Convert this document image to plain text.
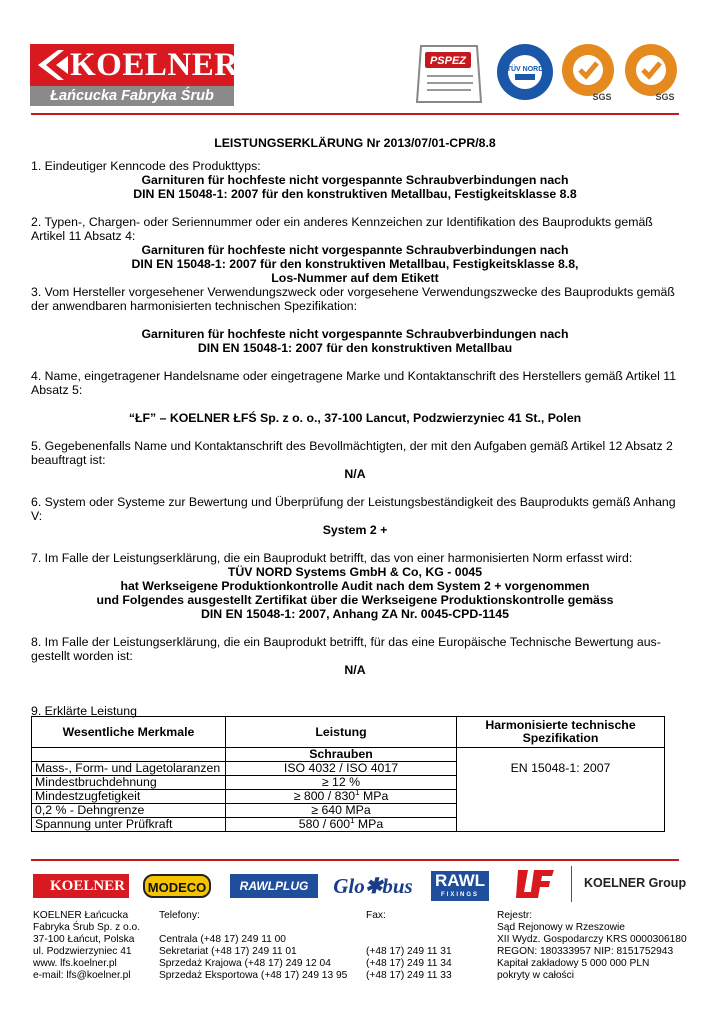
KOELNER
Łańcucka Fabryka Śrub
PSPEZ
TÜV NORD
SGS	SGS
LEISTUNGSERKLÄRUNG Nr 2013/07/01-CPR/8.8
1. Eindeutiger Kenncode des Produkttyps:
Garnituren für hochfeste nicht vorgespannte Schraubverbindungen nach
DIN EN 15048-1: 2007 für den konstruktiven Metallbau, Festigkeitsklasse 8.8
2. Typen-, Chargen- oder Seriennummer oder ein anderes Kennzeichen zur Identifikation des Bauprodukts gemäß
Artikel 11 Absatz 4:
Garnituren für hochfeste nicht vorgespannte Schraubverbindungen nach
DIN EN 15048-1: 2007 für den konstruktiven Metallbau, Festigkeitsklasse 8.8,
Los-Nummer auf dem Etikett
3. Vom Hersteller vorgesehener Verwendungszweck oder vorgesehene Verwendungszwecke des Bauprodukts gemäß
der anwendbaren harmonisierten technischen Spezifikation:
Garnituren für hochfeste nicht vorgespannte Schraubverbindungen nach
DIN EN 15048-1: 2007 für den konstruktiven Metallbau
4. Name, eingetragener Handelsname oder eingetragene Marke und Kontaktanschrift des Herstellers gemäß Artikel 11
Absatz 5:
“ŁF” – KOELNER ŁFŚ Sp. z o. o., 37-100 Lancut, Podzwierzyniec 41 St., Polen
5. Gegebenenfalls Name und Kontaktanschrift des Bevollmächtigten, der mit den Aufgaben gemäß Artikel 12 Absatz 2
beauftragt ist:
N/A
6. System oder Systeme zur Bewertung und Überprüfung der Leistungsbeständigkeit des Bauprodukts gemäß Anhang
V:
System 2 +
7. Im Falle der Leistungserklärung, die ein Bauprodukt betrifft, das von einer harmonisierten Norm erfasst wird:
TÜV NORD Systems GmbH & Co, KG - 0045
hat Werkseigene Produktionkontrolle Audit nach dem System 2 + vorgenommen
und Folgendes ausgestellt Zertifikat über die Werkseigene Produktionskontrolle gemäss
DIN EN 15048-1: 2007, Anhang ZA Nr. 0045-CPD-1145
8. Im Falle der Leistungserklärung, die ein Bauprodukt betrifft, für das eine Europäische Technische Bewertung aus-
gestellt worden ist:
N/A
9. Erklärte Leistung
Wesentliche Merkmale	Leistung	Harmonisierte technische Spezifikation
	Schrauben	
Mass-, Form- und Lagetolaranzen	ISO 4032 / ISO 4017	EN 15048-1: 2007
Mindestbruchdehnung	≥ 12 %	
Mindestzugfetigkeit	≥ $800 / 830^1$ MPa	
0,2 % - Dehngrenze	≥ 640 MPa	
Spannung unter Prüfkraft	$580 / 600^1$ MPa	
KOELNER	MODECO	RAWLPLUG	Glo✱bus RAWL
FIXINGS
KOELNER Group
KOELNER Łańcucka
Fabryka Śrub Sp. z o.o.
37-100 Łańcut, Polska
ul. Podzwierzyniec 41
www. lfs.koelner.pl
e-mail: lfs@koelner.pl
Telefony:
Centrala (+48 17) 249 11 00
Sekretariat (+48 17) 249 11 01
Sprzedaż Krajowa (+48 17) 249 12 04
Sprzedaż Eksportowa (+48 17) 249 13 95
Fax:
(+48 17) 249 11 31
(+48 17) 249 11 34
(+48 17) 249 11 33
Rejestr:
Sąd Rejonowy w Rzeszowie
XII Wydz. Gospodarczy KRS 0000306180
REGON: 180333957 NIP: 8151752943
Kapitał zakładowy 5 000 000 PLN
pokryty w całości
